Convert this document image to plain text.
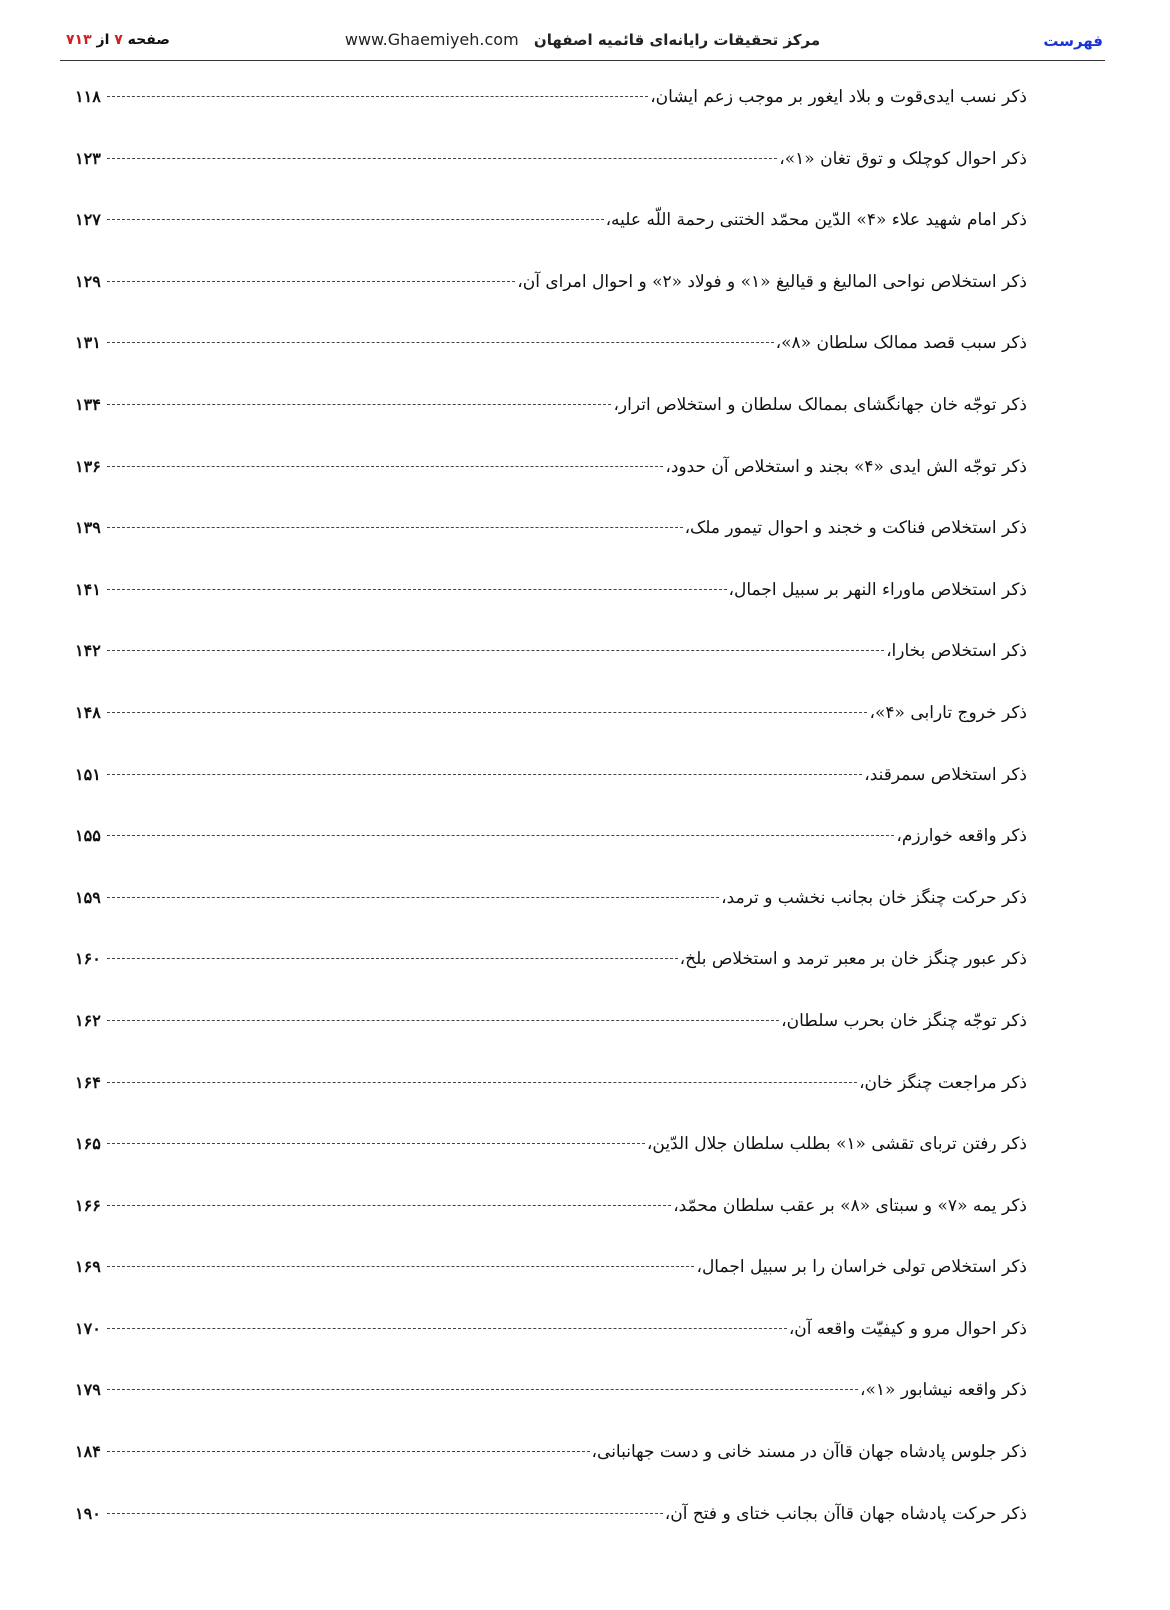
فهرست
www.Ghaemiyeh.com مرکز تحقیقات رایانه‌ای قائمیه اصفهان
صفحه ۷ از ۷۱۳
ذکر نسب ایدی‌قوت و بلاد ایغور بر موجب زعم ایشان،
۱۱۸
ذکر احوال کوچلک و توق تغان «۱»،
۱۲۳
ذکر امام شهید علاء «۴» الدّین محمّد الختنی رحمة اللّه علیه،
۱۲۷
ذکر استخلاص نواحی المالیغ و قیالیغ «۱» و فولاد «۲» و احوال امرای آن،
۱۲۹
ذکر سبب قصد ممالک سلطان «۸»،
۱۳۱
ذکر توجّه خان جهانگشای بممالک سلطان و استخلاص اترار،
۱۳۴
ذکر توجّه الش ایدی «۴» بجند و استخلاص آن حدود،
۱۳۶
ذکر استخلاص فناکت و خجند و احوال تیمور ملک،
۱۳۹
ذکر استخلاص ماوراء النهر بر سبیل اجمال،
۱۴۱
ذکر استخلاص بخارا،
۱۴۲
ذکر خروج تارابی «۴»،
۱۴۸
ذکر استخلاص سمرقند،
۱۵۱
ذکر واقعه خوارزم،
۱۵۵
ذکر حرکت چنگز خان بجانب نخشب و ترمد،
۱۵۹
ذکر عبور چنگز خان بر معبر ترمد و استخلاص بلخ،
۱۶۰
ذکر توجّه چنگز خان بحرب سلطان،
۱۶۲
ذکر مراجعت چنگز خان،
۱۶۴
ذکر رفتن تربای تقشی «۱» بطلب سلطان جلال الدّین،
۱۶۵
ذکر یمه «۷» و سبتای «۸» بر عقب سلطان محمّد،
۱۶۶
ذکر استخلاص تولی خراسان را بر سبیل اجمال،
۱۶۹
ذکر احوال مرو و کیفیّت واقعه آن،
۱۷۰
ذکر واقعه نیشابور «۱»،
۱۷۹
ذکر جلوس پادشاه جهان قاآن در مسند خانی و دست جهانبانی،
۱۸۴
ذکر حرکت پادشاه جهان قاآن بجانب ختای و فتح آن،
۱۹۰
